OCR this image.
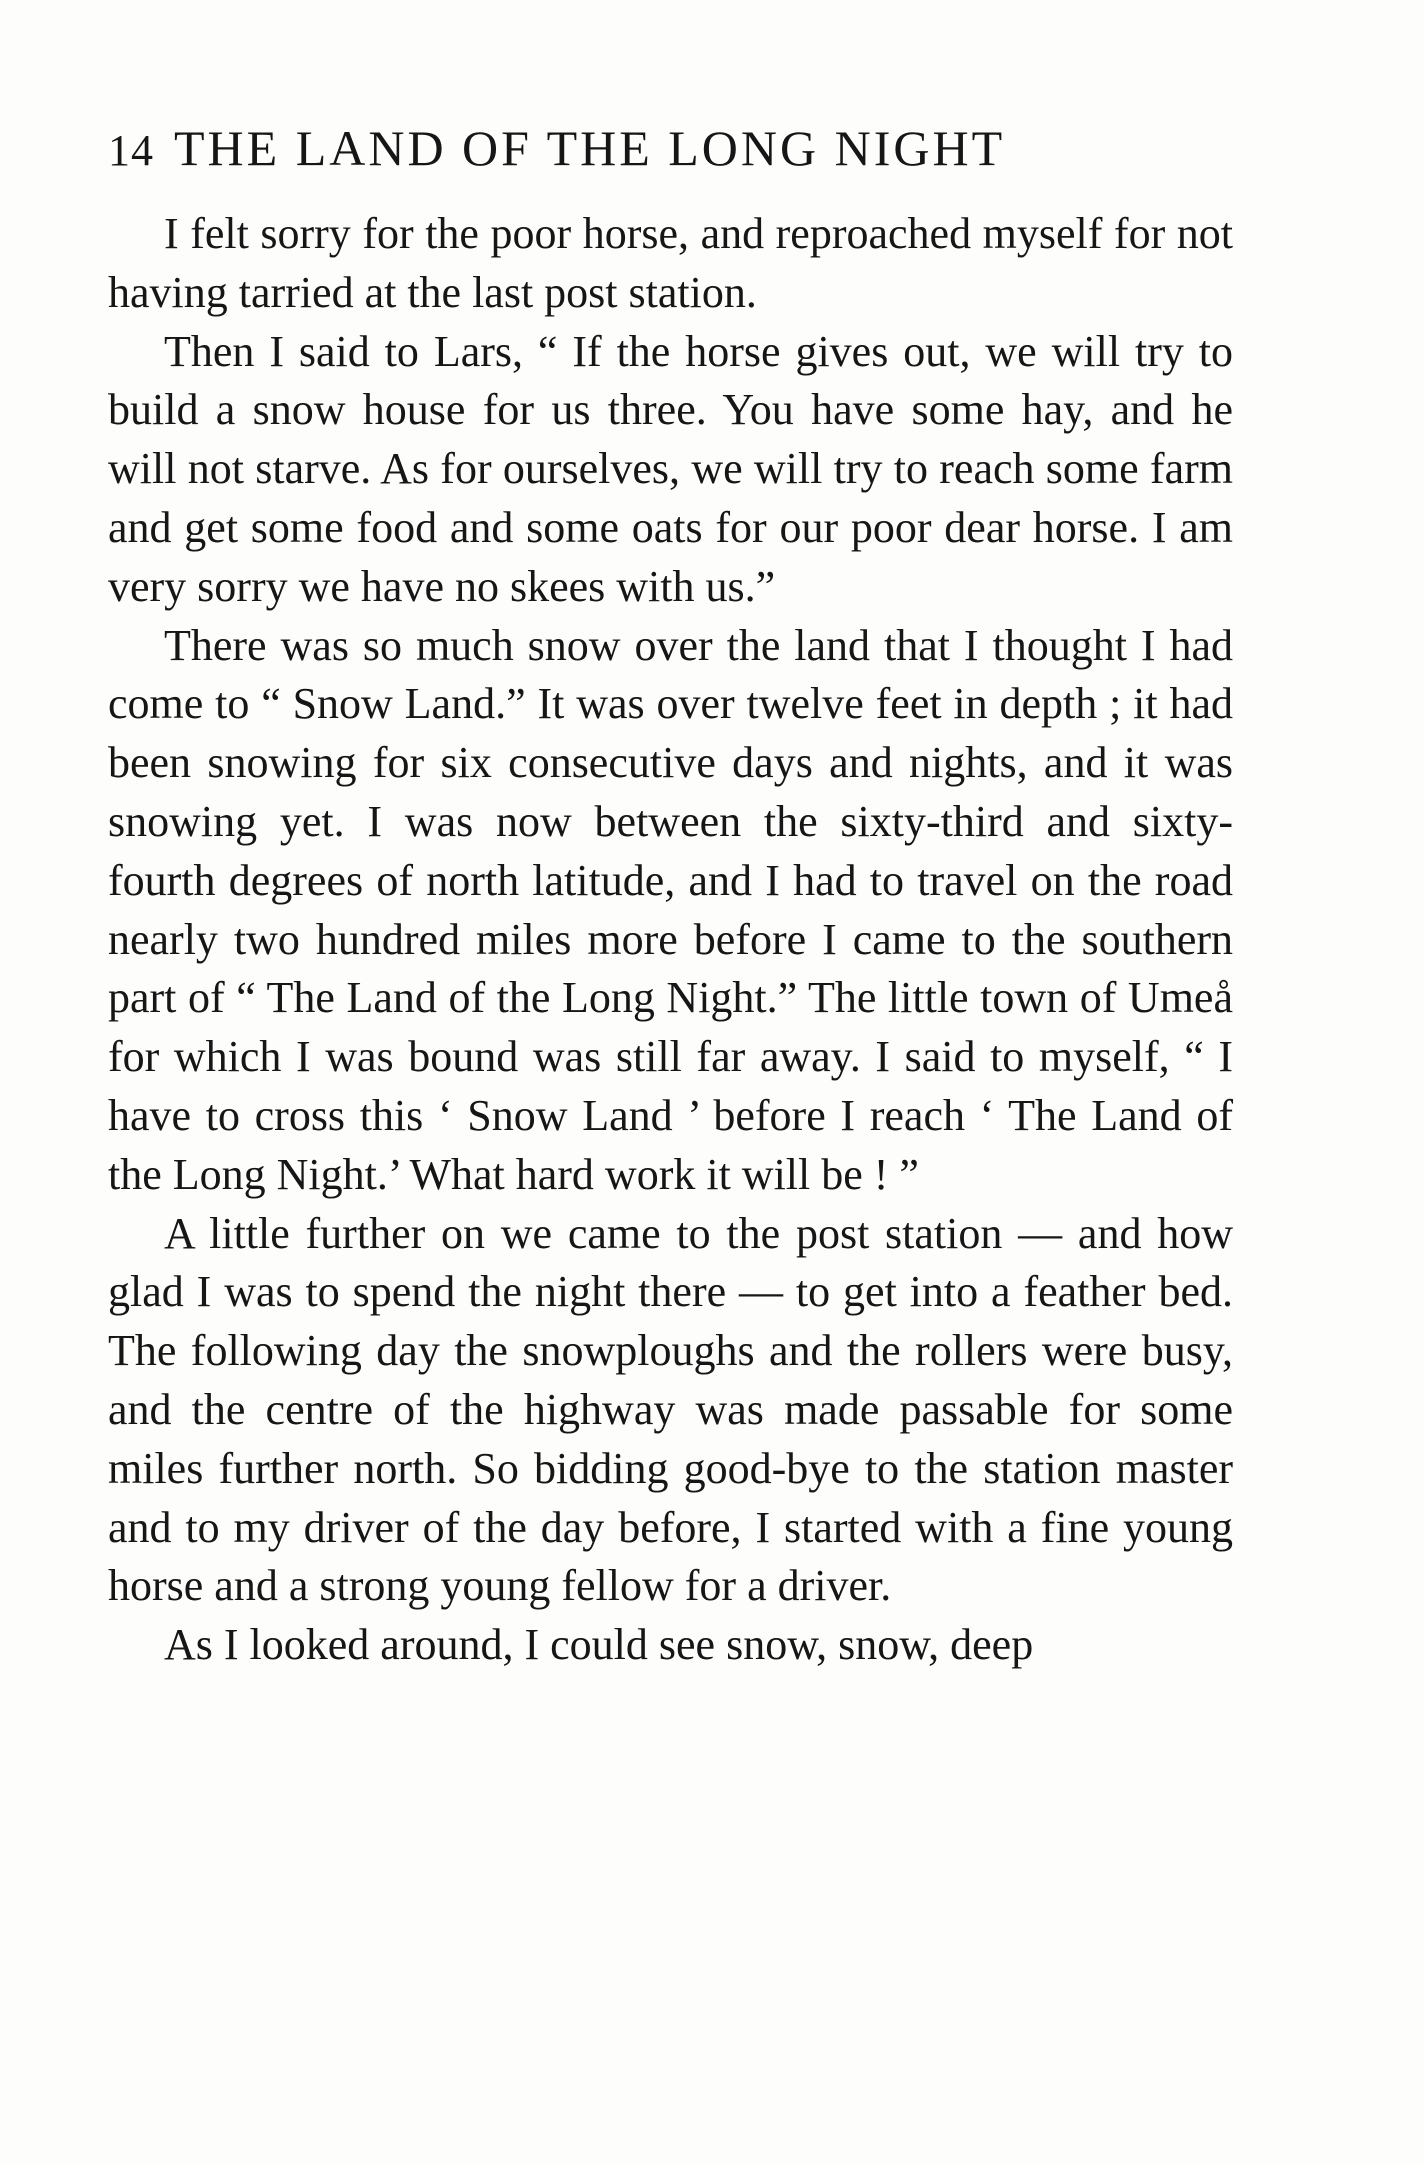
14 THE LAND OF THE LONG NIGHT

I felt sorry for the poor horse, and reproached myself for not having tarried at the last post station.

Then I said to Lars, “ If the horse gives out, we will try to build a snow house for us three. You have some hay, and he will not starve. As for ourselves, we will try to reach some farm and get some food and some oats for our poor dear horse. I am very sorry we have no skees with us.”

There was so much snow over the land that I thought I had come to “ Snow Land.” It was over twelve feet in depth ; it had been snowing for six consecutive days and nights, and it was snowing yet. I was now between the sixty-third and sixty-fourth degrees of north latitude, and I had to travel on the road nearly two hundred miles more before I came to the southern part of “ The Land of the Long Night.” The little town of Umeå for which I was bound was still far away. I said to myself, “ I have to cross this ‘ Snow Land ’ before I reach ‘ The Land of the Long Night.’ What hard work it will be ! ”

A little further on we came to the post station — and how glad I was to spend the night there — to get into a feather bed. The following day the snowploughs and the rollers were busy, and the centre of the highway was made passable for some miles further north. So bidding good-bye to the station master and to my driver of the day before, I started with a fine young horse and a strong young fellow for a driver.

As I looked around, I could see snow, snow, deep
